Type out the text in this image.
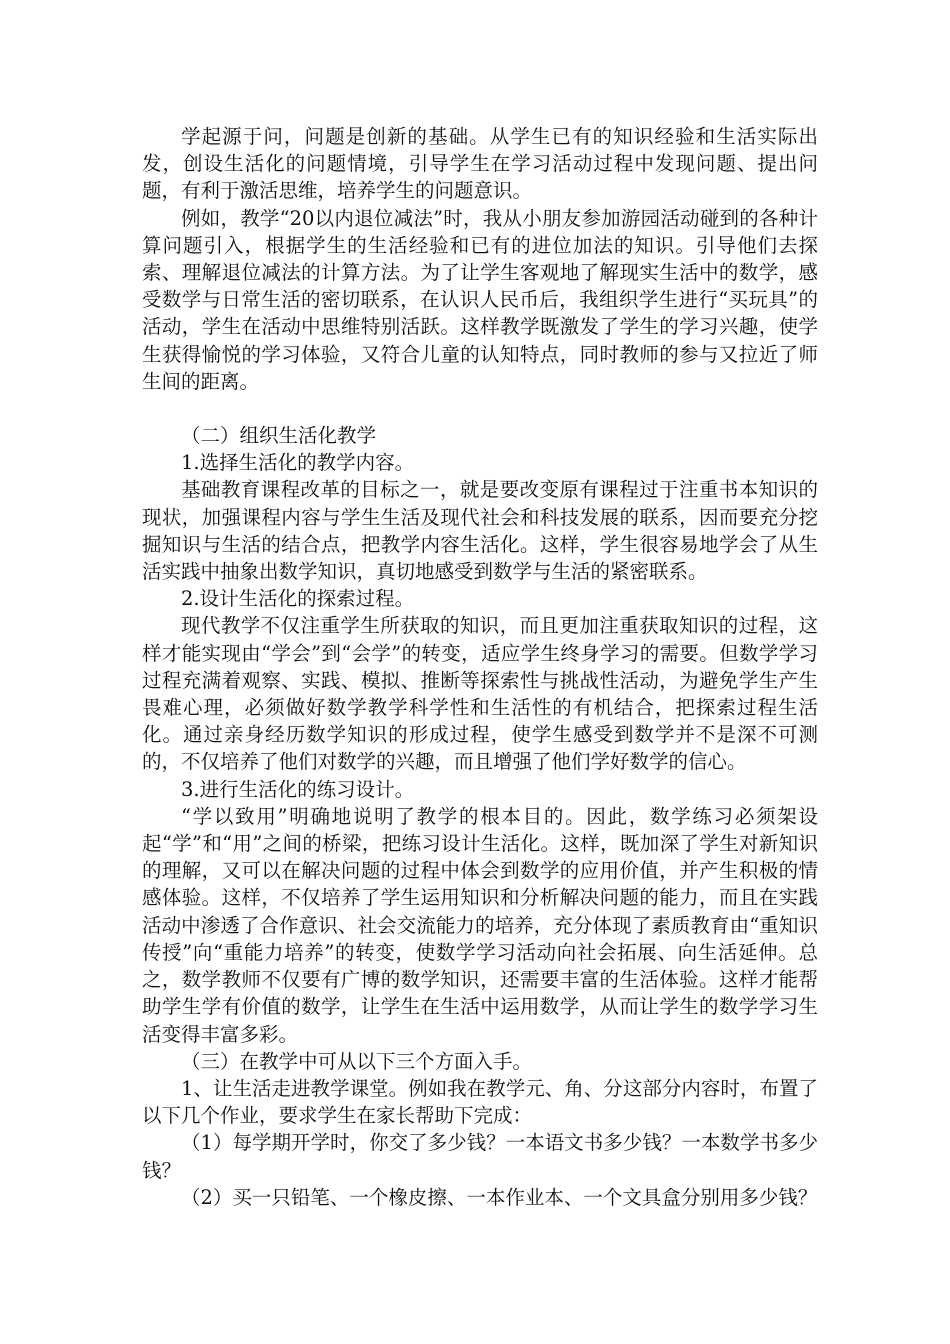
学起源于问，问题是创新的基础。从学生已有的知识经验和生活实际出发，创设生活化的问题情境，引导学生在学习活动过程中发现问题、提出问题，有利于激活思维，培养学生的问题意识。

例如，教学“20以内退位减法”时，我从小朋友参加游园活动碰到的各种计算问题引入，根据学生的生活经验和已有的进位加法的知识。引导他们去探索、理解退位减法的计算方法。为了让学生客观地了解现实生活中的数学，感受数学与日常生活的密切联系，在认识人民币后，我组织学生进行“买玩具”的活动，学生在活动中思维特别活跃。这样教学既激发了学生的学习兴趣，使学生获得愉悦的学习体验，又符合儿童的认知特点，同时教师的参与又拉近了师生间的距离。

（二）组织生活化教学

1.选择生活化的教学内容。

基础教育课程改革的目标之一，就是要改变原有课程过于注重书本知识的现状，加强课程内容与学生生活及现代社会和科技发展的联系，因而要充分挖掘知识与生活的结合点，把教学内容生活化。这样，学生很容易地学会了从生活实践中抽象出数学知识，真切地感受到数学与生活的紧密联系。

2.设计生活化的探索过程。

现代教学不仅注重学生所获取的知识，而且更加注重获取知识的过程，这样才能实现由“学会”到“会学”的转变，适应学生终身学习的需要。但数学学习过程充满着观察、实践、模拟、推断等探索性与挑战性活动，为避免学生产生畏难心理，必须做好数学教学科学性和生活性的有机结合，把探索过程生活化。通过亲身经历数学知识的形成过程，使学生感受到数学并不是深不可测的，不仅培养了他们对数学的兴趣，而且增强了他们学好数学的信心。

3.进行生活化的练习设计。

“学以致用”明确地说明了教学的根本目的。因此，数学练习必须架设起“学”和“用”之间的桥梁，把练习设计生活化。这样，既加深了学生对新知识的理解，又可以在解决问题的过程中体会到数学的应用价值，并产生积极的情感体验。这样，不仅培养了学生运用知识和分析解决问题的能力，而且在实践活动中渗透了合作意识、社会交流能力的培养，充分体现了素质教育由“重知识传授”向“重能力培养”的转变，使数学学习活动向社会拓展、向生活延伸。总之，数学教师不仅要有广博的数学知识，还需要丰富的生活体验。这样才能帮助学生学有价值的数学，让学生在生活中运用数学，从而让学生的数学学习生活变得丰富多彩。

（三）在教学中可从以下三个方面入手。

1、让生活走进教学课堂。例如我在教学元、角、分这部分内容时，布置了以下几个作业，要求学生在家长帮助下完成：

（1）每学期开学时，你交了多少钱？一本语文书多少钱？一本数学书多少钱？

（2）买一只铅笔、一个橡皮擦、一本作业本、一个文具盒分别用多少钱？
